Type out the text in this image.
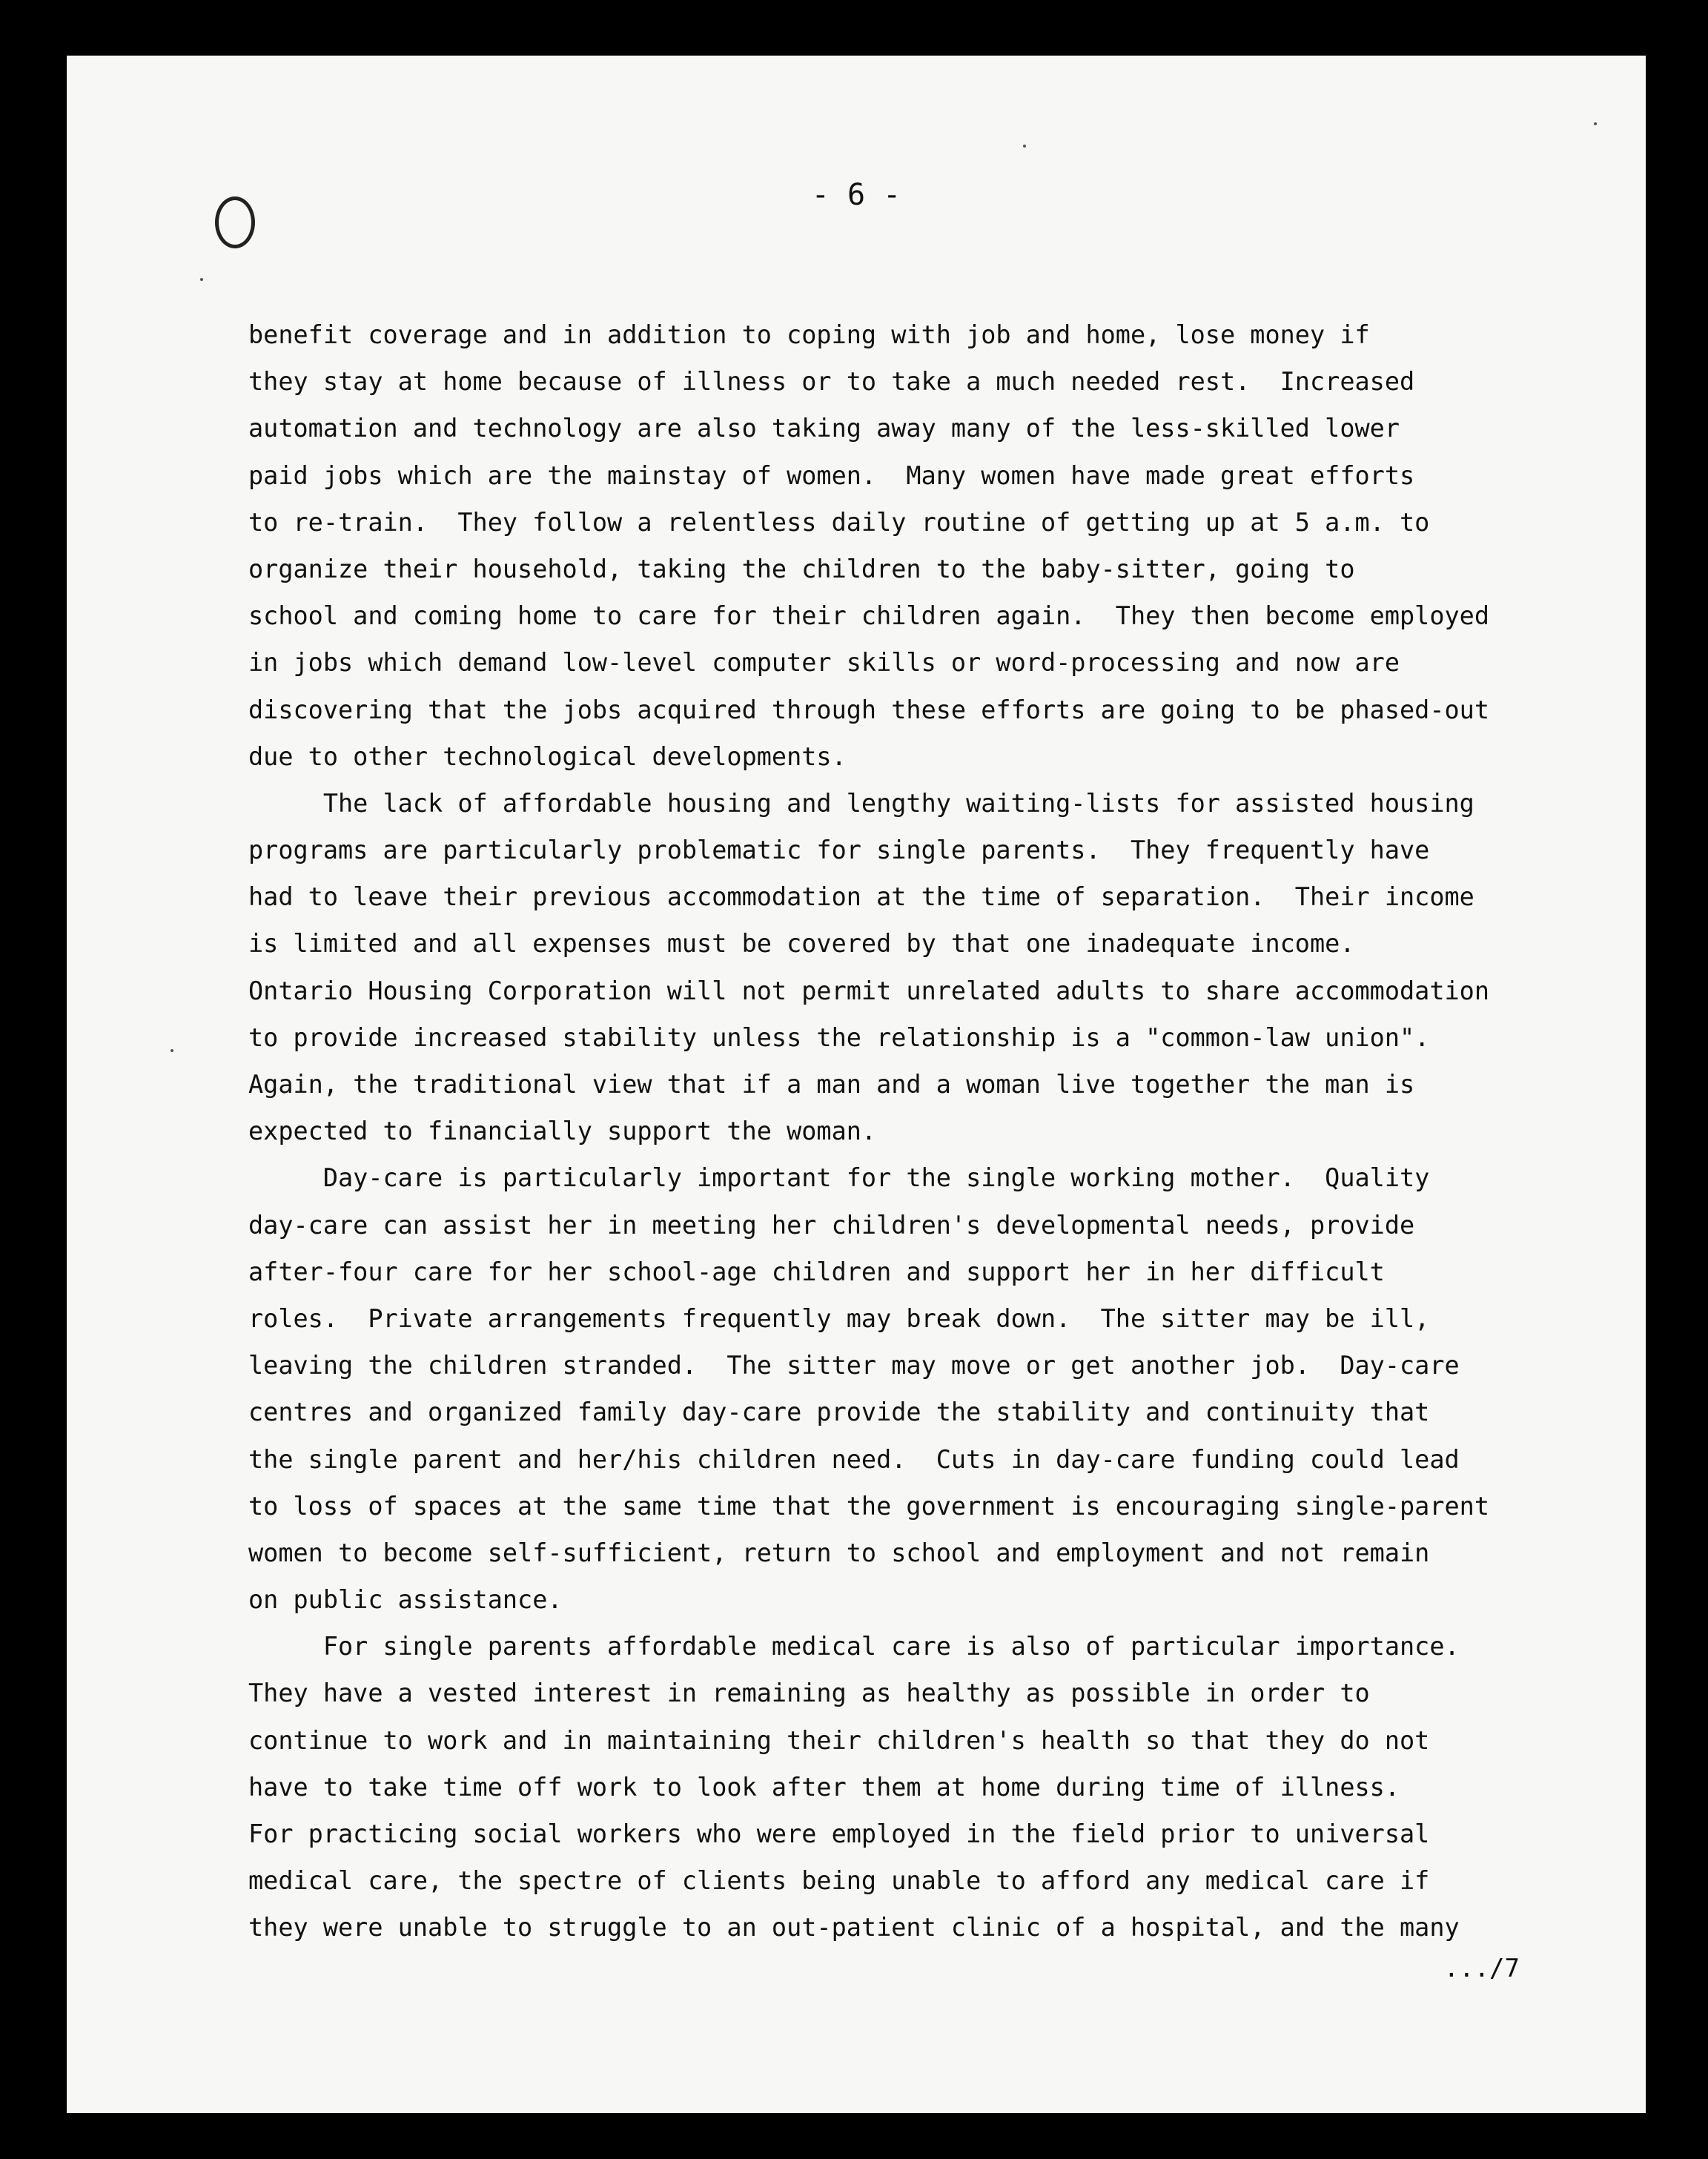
- 6 -
benefit coverage and in addition to coping with job and home, lose money if
they stay at home because of illness or to take a much needed rest.  Increased
automation and technology are also taking away many of the less-skilled lower
paid jobs which are the mainstay of women.  Many women have made great efforts
to re-train.  They follow a relentless daily routine of getting up at 5 a.m. to
organize their household, taking the children to the baby-sitter, going to
school and coming home to care for their children again.  They then become employed
in jobs which demand low-level computer skills or word-processing and now are
discovering that the jobs acquired through these efforts are going to be phased-out
due to other technological developments.
The lack of affordable housing and lengthy waiting-lists for assisted housing
programs are particularly problematic for single parents.  They frequently have
had to leave their previous accommodation at the time of separation.  Their income
is limited and all expenses must be covered by that one inadequate income.
Ontario Housing Corporation will not permit unrelated adults to share accommodation
to provide increased stability unless the relationship is a "common-law union".
Again, the traditional view that if a man and a woman live together the man is
expected to financially support the woman.
Day-care is particularly important for the single working mother.  Quality
day-care can assist her in meeting her children's developmental needs, provide
after-four care for her school-age children and support her in her difficult
roles.  Private arrangements frequently may break down.  The sitter may be ill,
leaving the children stranded.  The sitter may move or get another job.  Day-care
centres and organized family day-care provide the stability and continuity that
the single parent and her/his children need.  Cuts in day-care funding could lead
to loss of spaces at the same time that the government is encouraging single-parent
women to become self-sufficient, return to school and employment and not remain
on public assistance.
For single parents affordable medical care is also of particular importance.
They have a vested interest in remaining as healthy as possible in order to
continue to work and in maintaining their children's health so that they do not
have to take time off work to look after them at home during time of illness.
For practicing social workers who were employed in the field prior to universal
medical care, the spectre of clients being unable to afford any medical care if
they were unable to struggle to an out-patient clinic of a hospital, and the many
.../7
